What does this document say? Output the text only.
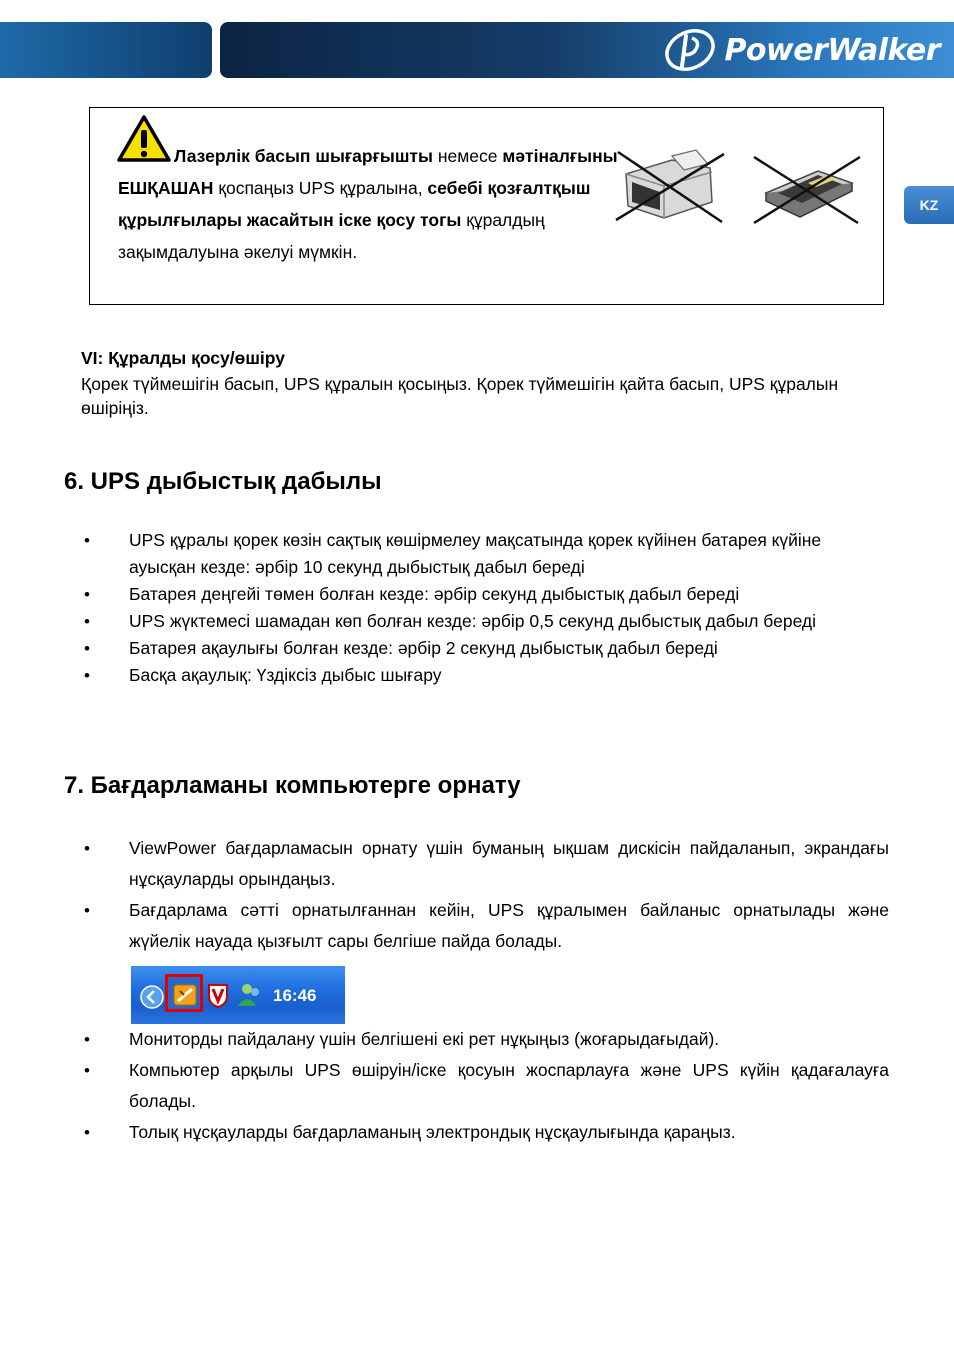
PowerWalker
KZ
Лазерлік басып шығарғышты немесе мәтіналғыны ЕШҚАШАН қоспаңыз UPS құралына, себебі қозғалтқыш құрылғылары жасайтын іске қосу тогы құралдың зақымдалуына әкелуі мүмкін.
VI: Құралды қосу/өшіру
Қорек түймешігін басып, UPS құралын қосыңыз. Қорек түймешігін қайта басып, UPS құралын өшіріңіз.
6. UPS дыбыстық дабылы
• UPS құралы қорек көзін сақтық көшірмелеу мақсатында қорек күйінен батарея күйіне ауысқан кезде: әрбір 10 секунд дыбыстық дабыл береді
• Батарея деңгейі төмен болған кезде: әрбір секунд дыбыстық дабыл береді
• UPS жүктемесі шамадан көп болған кезде: әрбір 0,5 секунд дыбыстық дабыл береді
• Батарея ақаулығы болған кезде: әрбір 2 секунд дыбыстық дабыл береді
• Басқа ақаулық: Үздіксіз дыбыс шығару
7. Бағдарламаны компьютерге орнату
• ViewPower бағдарламасын орнату үшін буманың ықшам дискісін пайдаланып, экрандағы нұсқауларды орындаңыз.
• Бағдарлама сәтті орнатылғаннан кейін, UPS құралымен байланыс орнатылады және жүйелік науада қызғылт сары белгіше пайда болады.
16:46
• Мониторды пайдалану үшін белгішені екі рет нұқыңыз (жоғарыдағыдай).
• Компьютер арқылы UPS өшіруін/іске қосуын жоспарлауға және UPS күйін қадағалауға болады.
• Толық нұсқауларды бағдарламаның электрондық нұсқаулығында қараңыз.
